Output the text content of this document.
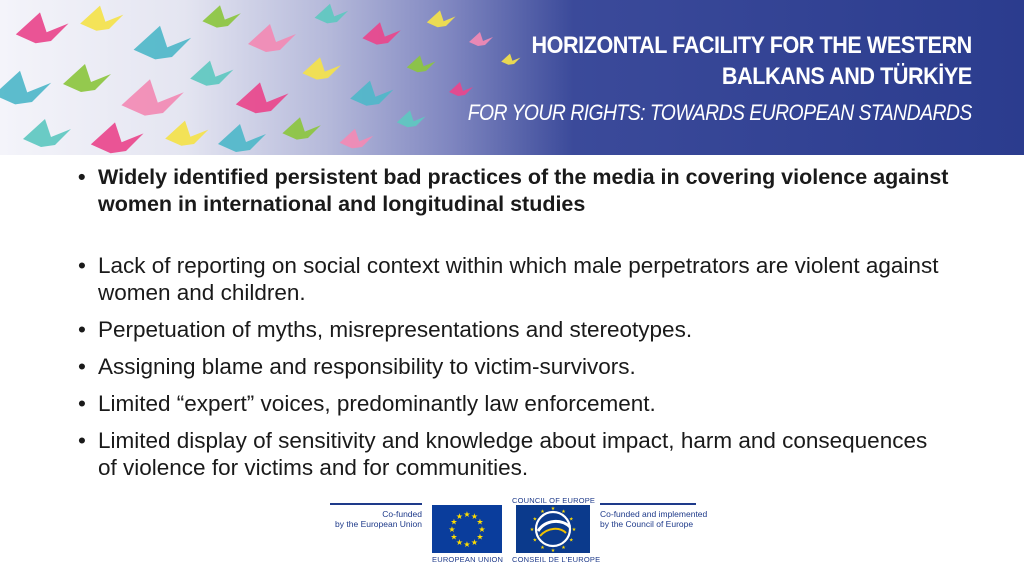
HORIZONTAL FACILITY FOR THE WESTERN
BALKANS AND TÜRKİYE
FOR YOUR RIGHTS: TOWARDS EUROPEAN STANDARDS
• Widely identified persistent bad practices of the media in covering violence against women in international and longitudinal studies
• Lack of reporting on social context within which male perpetrators are violent against women and children.
• Perpetuation of myths, misrepresentations and stereotypes.
• Assigning blame and responsibility to victim-survivors.
• Limited “expert” voices, predominantly law enforcement.
• Limited display of sensitivity and knowledge about impact, harm and consequences of violence for victims and for communities.
Co-funded
by the European Union
★
★
★
★
★
★
★
★
★ ★ ★
★
EUROPEAN UNION
COUNCIL OF EUROPE
★
★
★
★
★
★
★
★
★ ★ ★
★
CONSEIL DE L'EUROPE
Co-funded and implemented
by the Council of Europe
